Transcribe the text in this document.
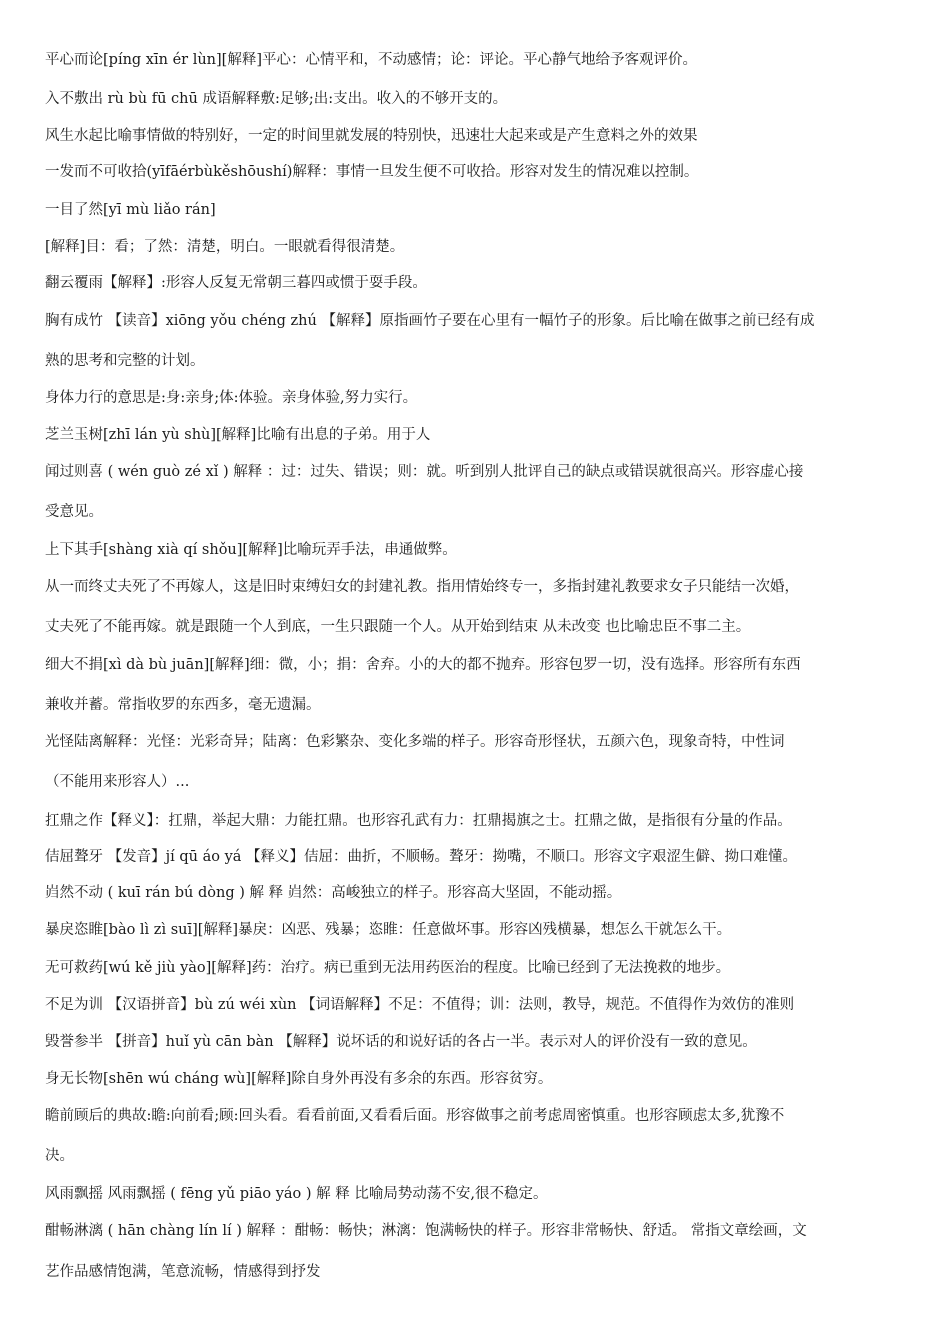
平心而论[píng xīn ér lùn][解释]平心：心情平和，不动感情；论：评论。平心静气地给予客观评价。
入不敷出 rù bù fū chū 成语解释敷:足够;出:支出。收入的不够开支的。
风生水起比喻事情做的特别好，一定的时间里就发展的特别快，迅速壮大起来或是产生意料之外的效果
一发而不可收拾(yīfāérbùkěshōushí)解释：事情一旦发生便不可收拾。形容对发生的情况难以控制。
一目了然[yī mù liǎo rán]
[解释]目：看；了然：清楚，明白。一眼就看得很清楚。
翻云覆雨【解释】:形容人反复无常朝三暮四或惯于耍手段。
胸有成竹 【读音】xiōng yǒu chéng zhú 【解释】原指画竹子要在心里有一幅竹子的形象。后比喻在做事之前已经有成
熟的思考和完整的计划。
身体力行的意思是:身:亲身;体:体验。亲身体验,努力实行。
芝兰玉树[zhī lán yù shù][解释]比喻有出息的子弟。用于人
闻过则喜 ( wén guò zé xǐ ) 解释 ：过：过失、错误；则：就。听到别人批评自己的缺点或错误就很高兴。形容虚心接
受意见。
上下其手[shàng xià qí shǒu][解释]比喻玩弄手法，串通做弊。
从一而终丈夫死了不再嫁人，这是旧时束缚妇女的封建礼教。指用情始终专一，多指封建礼教要求女子只能结一次婚，
丈夫死了不能再嫁。就是跟随一个人到底，一生只跟随一个人。从开始到结束 从未改变 也比喻忠臣不事二主。
细大不捐[xì dà bù juān][解释]细：微，小；捐：舍弃。小的大的都不抛弃。形容包罗一切，没有选择。形容所有东西
兼收并蓄。常指收罗的东西多，毫无遗漏。
光怪陆离解释：光怪：光彩奇异；陆离：色彩繁杂、变化多端的样子。形容奇形怪状，五颜六色，现象奇特，中性词
（不能用来形容人）...
扛鼎之作【释义】：扛鼎，举起大鼎：力能扛鼎。也形容孔武有力：扛鼎揭旗之士。扛鼎之做，是指很有分量的作品。
佶屈聱牙 【发音】jí qū áo yá 【释义】佶屈：曲折，不顺畅。聱牙：拗嘴，不顺口。形容文字艰涩生僻、拗口难懂。
岿然不动 ( kuī rán bú dòng ) 解 释 岿然：高峻独立的样子。形容高大坚固，不能动摇。
暴戾恣睢[bào lì zì suī][解释]暴戾：凶恶、残暴；恣睢：任意做坏事。形容凶残横暴，想怎么干就怎么干。
无可救药[wú kě jiù yào][解释]药：治疗。病已重到无法用药医治的程度。比喻已经到了无法挽救的地步。
不足为训 【汉语拼音】bù zú wéi xùn 【词语解释】不足：不值得；训：法则，教导，规范。不值得作为效仿的准则
毁誉参半 【拼音】huǐ yù cān bàn 【解释】说坏话的和说好话的各占一半。表示对人的评价没有一致的意见。
身无长物[shēn wú cháng wù][解释]除自身外再没有多余的东西。形容贫穷。
瞻前顾后的典故:瞻:向前看;顾:回头看。看看前面,又看看后面。形容做事之前考虑周密慎重。也形容顾虑太多,犹豫不
决。
风雨飘摇 风雨飘摇 ( fēng yǔ piāo yáo ) 解 释 比喻局势动荡不安,很不稳定。
酣畅淋漓 ( hān chàng lín lí ) 解释 ：酣畅：畅快；淋漓：饱满畅快的样子。形容非常畅快、舒适。 常指文章绘画，文
艺作品感情饱满，笔意流畅，情感得到抒发
